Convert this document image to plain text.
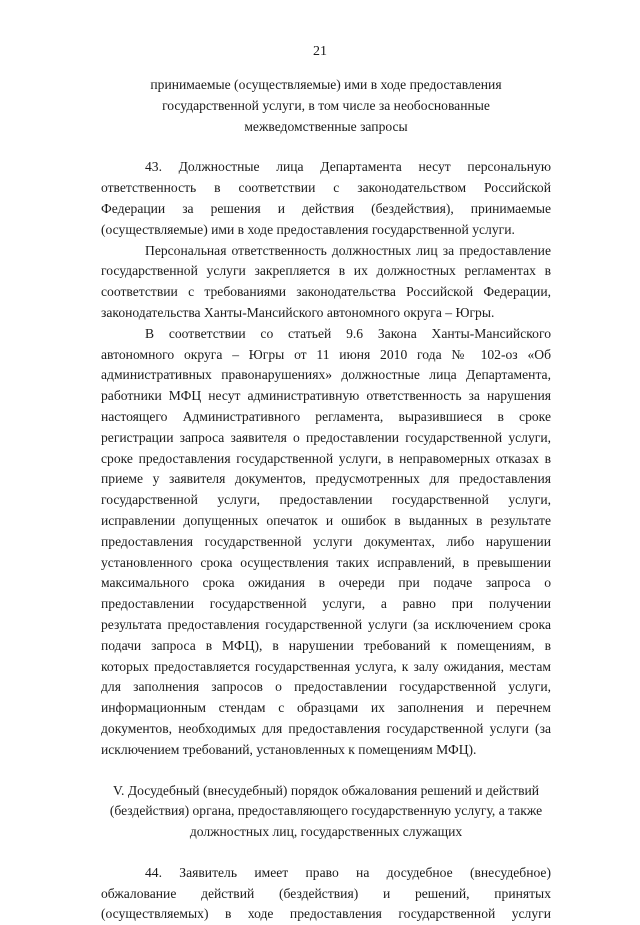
21
принимаемые (осуществляемые) ими в ходе предоставления
государственной услуги, в том числе за необоснованные
межведомственные запросы
43. Должностные лица Департамента несут персональную
ответственность в соответствии с законодательством Российской
Федерации за решения и действия (бездействия), принимаемые
(осуществляемые) ими в ходе предоставления государственной услуги.
Персональная ответственность должностных лиц за предоставление
государственной услуги закрепляется в их должностных регламентах в
соответствии с требованиями законодательства Российской Федерации,
законодательства Ханты-Мансийского автономного округа – Югры.
В соответствии со статьей 9.6 Закона Ханты-Мансийского
автономного округа – Югры от 11 июня 2010 года № 102-оз «Об
административных правонарушениях» должностные лица Департамента,
работники МФЦ несут административную ответственность за нарушения
настоящего Административного регламента, выразившиеся в сроке
регистрации запроса заявителя о предоставлении государственной услуги,
сроке предоставления государственной услуги, в неправомерных отказах в
приеме у заявителя документов, предусмотренных для предоставления
государственной услуги, предоставлении государственной услуги,
исправлении допущенных опечаток и ошибок в выданных в результате
предоставления государственной услуги документах, либо нарушении
установленного срока осуществления таких исправлений, в превышении
максимального срока ожидания в очереди при подаче запроса о
предоставлении государственной услуги, а равно при получении
результата предоставления государственной услуги (за исключением срока
подачи запроса в МФЦ), в нарушении требований к помещениям, в
которых предоставляется государственная услуга, к залу ожидания, местам
для заполнения запросов о предоставлении государственной услуги,
информационным стендам с образцами их заполнения и перечнем
документов, необходимых для предоставления государственной услуги (за
исключением требований, установленных к помещениям МФЦ).
V. Досудебный (внесудебный) порядок обжалования решений и действий
(бездействия) органа, предоставляющего государственную услугу, а также
должностных лиц, государственных служащих
44. Заявитель имеет право на досудебное (внесудебное)
обжалование действий (бездействия) и решений, принятых
(осуществляемых) в ходе предоставления государственной услуги
